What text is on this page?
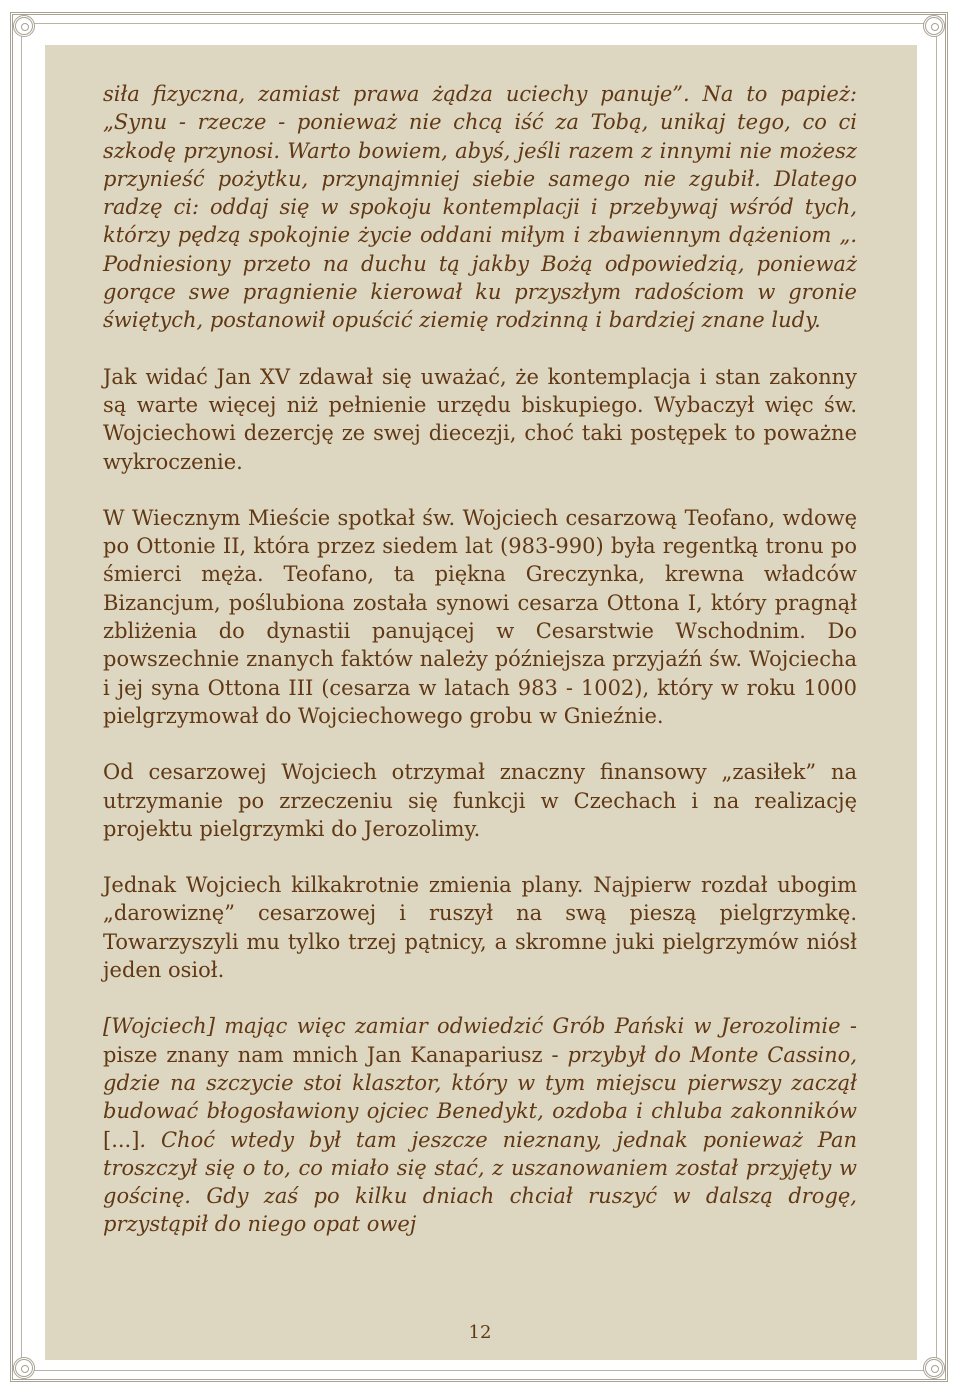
siła fizyczna, zamiast prawa żądza uciechy panuje”. Na to papież: „Synu - rzecze - ponieważ nie chcą iść za Tobą, unikaj tego, co ci szkodę przynosi. Warto bowiem, abyś, jeśli razem z innymi nie możesz przynieść pożytku, przynajmniej siebie samego nie zgubił. Dlatego radzę ci: oddaj się w spokoju kontemplacji i przebywaj wśród tych, którzy pędzą spokojnie życie oddani miłym i zbawiennym dążeniom „. Podniesiony przeto na duchu tą jakby Bożą odpowiedzią, ponieważ gorące swe pragnienie kierował ku przyszłym radościom w gronie świętych, postanowił opuścić ziemię rodzinną i bardziej znane ludy.

Jak widać Jan XV zdawał się uważać, że kontemplacja i stan zakonny są warte więcej niż pełnienie urzędu biskupiego. Wybaczył więc św. Wojciechowi dezercję ze swej diecezji, choć taki postępek to poważne wykroczenie.

W Wiecznym Mieście spotkał św. Wojciech cesarzową Teofano, wdowę po Ottonie II, która przez siedem lat (983-990) była regentką tronu po śmierci męża. Teofano, ta piękna Greczynka, krewna władców Bizancjum, poślubiona została synowi cesarza Ottona I, który pragnął zbliżenia do dynastii panującej w Cesarstwie Wschodnim. Do powszechnie znanych faktów należy późniejsza przyjaźń św. Wojciecha i jej syna Ottona III (cesarza w latach 983 - 1002), który w roku 1000 pielgrzymował do Wojciechowego grobu w Gnieźnie.

Od cesarzowej Wojciech otrzymał znaczny finansowy „zasiłek” na utrzymanie po zrzeczeniu się funkcji w Czechach i na realizację projektu pielgrzymki do Jerozolimy.

Jednak Wojciech kilkakrotnie zmienia plany. Najpierw rozdał ubogim „darowiznę” cesarzowej i ruszył na swą pieszą pielgrzymkę. Towarzyszyli mu tylko trzej pątnicy, a skromne juki pielgrzymów niósł jeden osioł.

[Wojciech] mając więc zamiar odwiedzić Grób Pański w Jerozolimie - pisze znany nam mnich Jan Kanapariusz - przybył do Monte Cassino, gdzie na szczycie stoi klasztor, który w tym miejscu pierwszy zaczął budować błogosławiony ojciec Benedykt, ozdoba i chluba zakonników [...]. Choć wtedy był tam jeszcze nieznany, jednak ponieważ Pan troszczył się o to, co miało się stać, z uszanowaniem został przyjęty w gościnę. Gdy zaś po kilku dniach chciał ruszyć w dalszą drogę, przystąpił do niego opat owej

12
